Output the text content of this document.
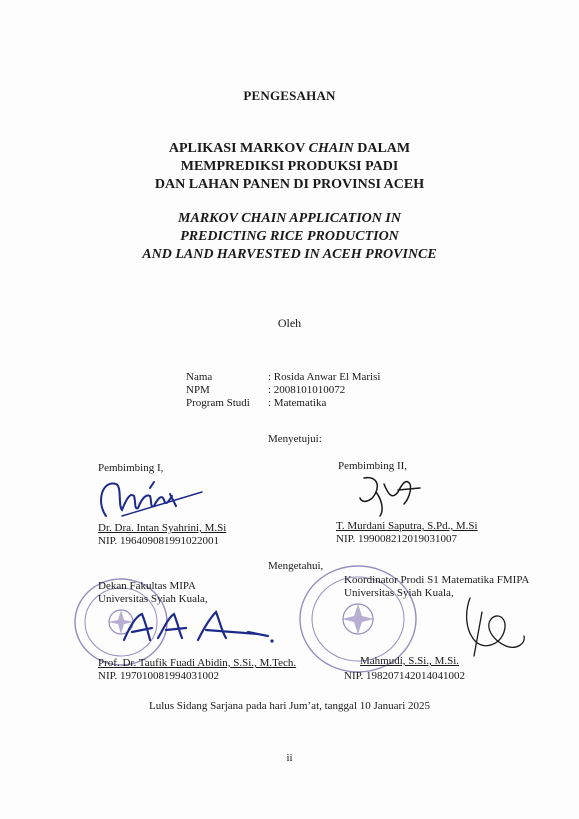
PENGESAHAN
APLIKASI MARKOV CHAIN DALAM
MEMPREDIKSI PRODUKSI PADI
DAN LAHAN PANEN DI PROVINSI ACEH
MARKOV CHAIN APPLICATION IN
PREDICTING RICE PRODUCTION
AND LAND HARVESTED IN ACEH PROVINCE
Oleh
Nama	: Rosida Anwar El Marisi
NPM	: 2008101010072
Program Studi	: Matematika
Menyetujui:
Pembimbing I,
Dr. Dra. Intan Syahrini, M.Si
NIP. 196409081991022001
Pembimbing II,
T. Murdani Saputra, S.Pd., M.Si
NIP. 199008212019031007
Mengetahui,
Dekan Fakultas MIPA
Universitas Syiah Kuala,
Prof. Dr. Taufik Fuadi Abidin, S.Si., M.Tech.
NIP. 197010081994031002
Koordinator Prodi S1 Matematika FMIPA
Universitas Syiah Kuala,
Mahmudi, S.Si., M.Si.
NIP. 198207142014041002
Lulus Sidang Sarjana pada hari Jum’at, tanggal 10 Januari 2025
ii
